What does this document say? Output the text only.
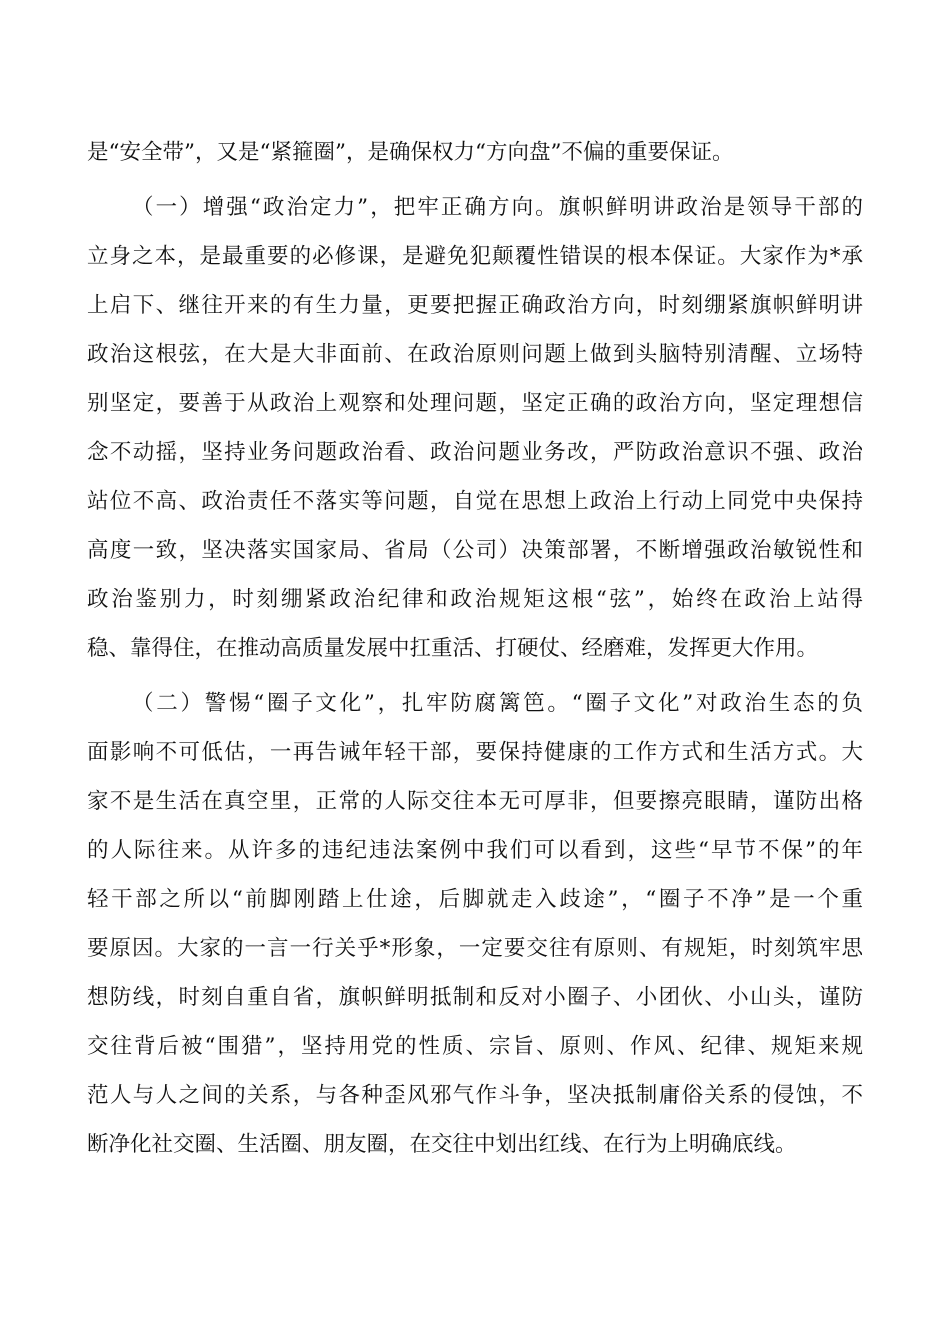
是“安全带”，又是“紧箍圈”，是确保权力“方向盘”不偏的重要保证。
（一）增强“政治定力”，把牢正确方向。旗帜鲜明讲政治是领导干部的
立身之本，是最重要的必修课，是避免犯颠覆性错误的根本保证。大家作为*承
上启下、继往开来的有生力量，更要把握正确政治方向，时刻绷紧旗帜鲜明讲
政治这根弦，在大是大非面前、在政治原则问题上做到头脑特别清醒、立场特
别坚定，要善于从政治上观察和处理问题，坚定正确的政治方向，坚定理想信
念不动摇，坚持业务问题政治看、政治问题业务改，严防政治意识不强、政治
站位不高、政治责任不落实等问题，自觉在思想上政治上行动上同党中央保持
高度一致，坚决落实国家局、省局（公司）决策部署，不断增强政治敏锐性和
政治鉴别力，时刻绷紧政治纪律和政治规矩这根“弦”，始终在政治上站得
稳、靠得住，在推动高质量发展中扛重活、打硬仗、经磨难，发挥更大作用。
（二）警惕“圈子文化”，扎牢防腐篱笆。“圈子文化”对政治生态的负
面影响不可低估，一再告诫年轻干部，要保持健康的工作方式和生活方式。大
家不是生活在真空里，正常的人际交往本无可厚非，但要擦亮眼睛，谨防出格
的人际往来。从许多的违纪违法案例中我们可以看到，这些“早节不保”的年
轻干部之所以“前脚刚踏上仕途，后脚就走入歧途”，“圈子不净”是一个重
要原因。大家的一言一行关乎*形象，一定要交往有原则、有规矩，时刻筑牢思
想防线，时刻自重自省，旗帜鲜明抵制和反对小圈子、小团伙、小山头，谨防
交往背后被“围猎”，坚持用党的性质、宗旨、原则、作风、纪律、规矩来规
范人与人之间的关系，与各种歪风邪气作斗争，坚决抵制庸俗关系的侵蚀，不
断净化社交圈、生活圈、朋友圈，在交往中划出红线、在行为上明确底线。
